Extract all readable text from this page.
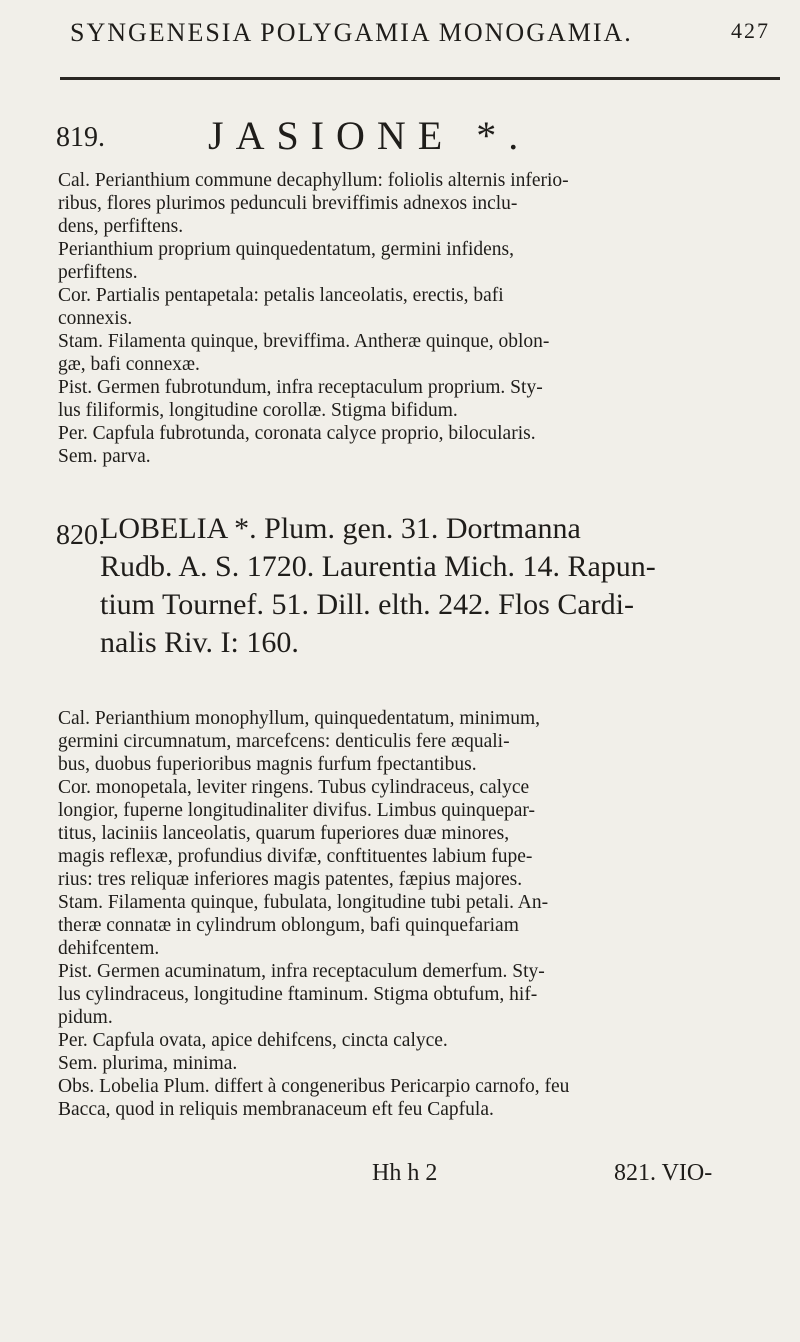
SYNGENESIA POLYGAMIA MONOGAMIA.	427
819.	JASIONE *.
Cal. Perianthium commune decaphyllum: foliolis alternis inferio-
ribus, flores plurimos pedunculi breviffimis adnexos inclu-
dens, perfiftens.
Perianthium proprium quinquedentatum, germini infidens,
perfiftens.
Cor. Partialis pentapetala: petalis lanceolatis, erectis, bafi
connexis.
Stam. Filamenta quinque, breviffima. Antheræ quinque, oblon-
gæ, bafi connexæ.
Pist. Germen fubrotundum, infra receptaculum proprium. Sty-
lus filiformis, longitudine corollæ. Stigma bifidum.
Per. Capfula fubrotunda, coronata calyce proprio, bilocularis.
Sem. parva.
820.
LOBELIA *. Plum. gen. 31. Dortmanna
Rudb. A. S. 1720. Laurentia Mich. 14. Rapun-
tium Tournef. 51. Dill. elth. 242. Flos Cardi-
nalis Riv. I: 160.
Cal. Perianthium monophyllum, quinquedentatum, minimum,
germini circumnatum, marcefcens: denticulis fere æquali-
bus, duobus fuperioribus magnis furfum fpectantibus.
Cor. monopetala, leviter ringens. Tubus cylindraceus, calyce
longior, fuperne longitudinaliter divifus. Limbus quinquepar-
titus, laciniis lanceolatis, quarum fuperiores duæ minores,
magis reflexæ, profundius divifæ, conftituentes labium fupe-
rius: tres reliquæ inferiores magis patentes, fæpius majores.
Stam. Filamenta quinque, fubulata, longitudine tubi petali. An-
theræ connatæ in cylindrum oblongum, bafi quinquefariam
dehifcentem.
Pist. Germen acuminatum, infra receptaculum demerfum. Sty-
lus cylindraceus, longitudine ftaminum. Stigma obtufum, hif-
pidum.
Per. Capfula ovata, apice dehifcens, cincta calyce.
Sem. plurima, minima.
Obs. Lobelia Plum. differt à congeneribus Pericarpio carnofo, feu
Bacca, quod in reliquis membranaceum eft feu Capfula.
Hh h 2	821. VIO-
